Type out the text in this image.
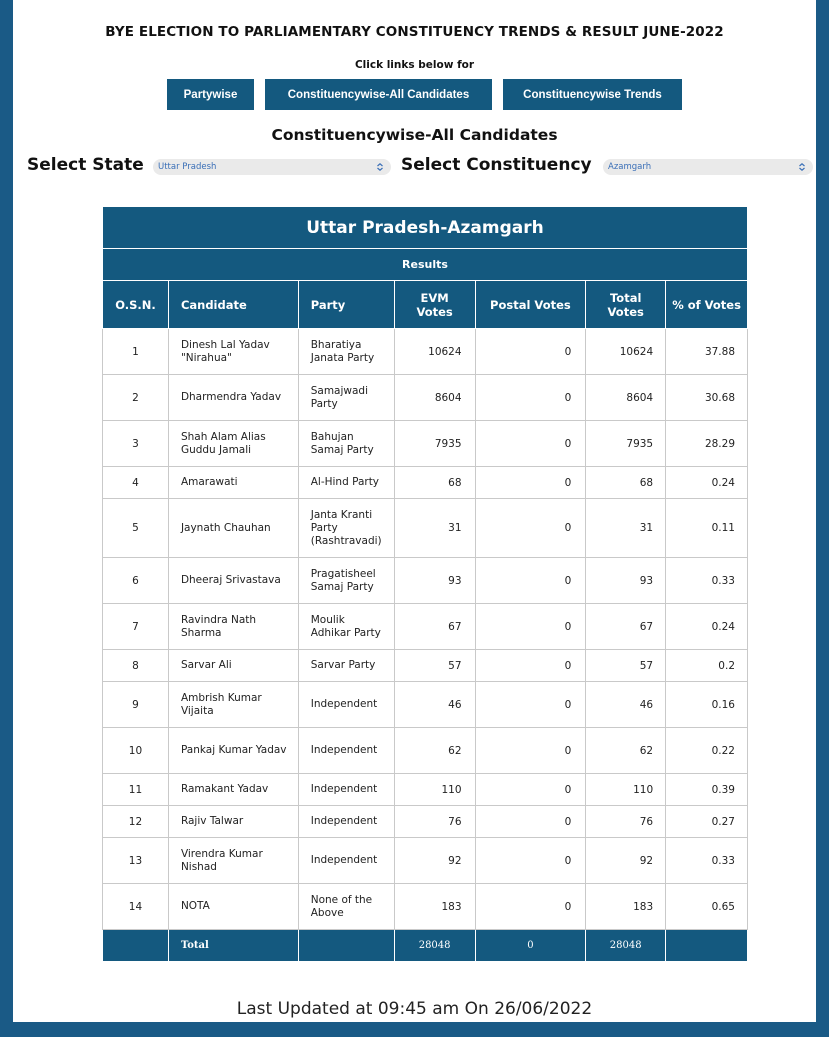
BYE ELECTION TO PARLIAMENTARY CONSTITUENCY TRENDS & RESULT JUNE-2022
Click links below for
Partywise	Constituencywise-All Candidates	Constituencywise Trends
Constituencywise-All Candidates
Select State Uttar Pradesh	Select Constituency Azamgarh
Uttar Pradesh-Azamgarh						
Results						
O.S.N.	Candidate	Party	EVM Votes	Postal Votes	Total Votes	% of Votes
1	Dinesh Lal Yadav "Nirahua"	Bharatiya Janata Party	10624	0	10624	37.88
2	Dharmendra Yadav	Samajwadi Party	8604	0	8604	30.68
3	Shah Alam Alias Guddu Jamali	Bahujan Samaj Party	7935	0	7935	28.29
4	Amarawati	Al-Hind Party	68	0	68	0.24
5	Jaynath Chauhan	Janta Kranti Party (Rashtravadi)	31	0	31	0.11
6	Dheeraj Srivastava	Pragatisheel Samaj Party	93	0	93	0.33
7	Ravindra Nath Sharma	Moulik Adhikar Party	67	0	67	0.24
8	Sarvar Ali	Sarvar Party	57	0	57	0.2
9	Ambrish Kumar Vijaita	Independent	46	0	46	0.16
10	Pankaj Kumar Yadav	Independent	62	0	62	0.22
11	Ramakant Yadav	Independent	110	0	110	0.39
12	Rajiv Talwar	Independent	76	0	76	0.27
13	Virendra Kumar Nishad	Independent	92	0	92	0.33
14	NOTA	None of the Above	183	0	183	0.65
	Total		28048	0	28048	
Last Updated at 09:45 am On 26/06/2022
